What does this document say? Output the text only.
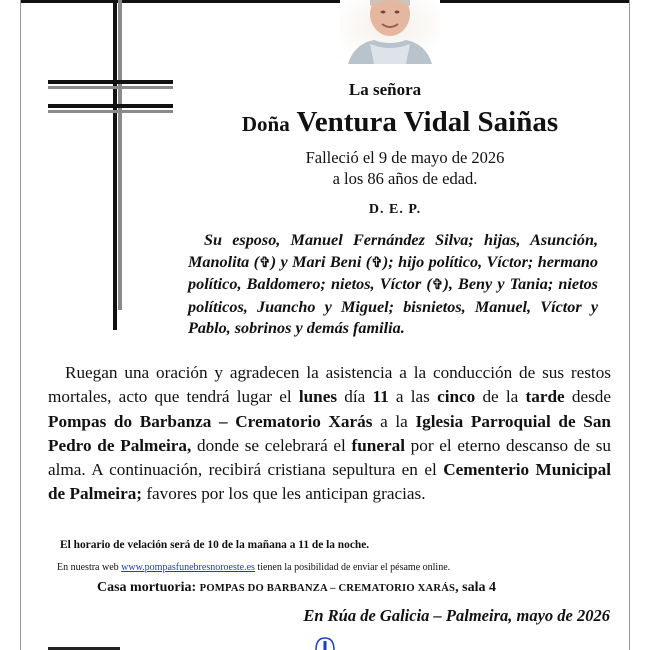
La señora
Doña Ventura Vidal Saiñas
Falleció el 9 de mayo de 2026
a los 86 años de edad.
D. E. P.

Su esposo, Manuel Fernández Silva; hijas, Asunción, Manolita (✞) y Mari Beni (✞); hijo político, Víctor; hermano político, Baldomero; nietos, Víctor (✞), Beny y Tania; nietos políticos, Juancho y Miguel; bisnietos, Manuel, Víctor y Pablo, sobrinos y demás familia.

Ruegan una oración y agradecen la asistencia a la conducción de sus restos mortales, acto que tendrá lugar el lunes día 11 a las cinco de la tarde desde Pompas do Barbanza – Crematorio Xarás a la Iglesia Parroquial de San Pedro de Palmeira, donde se celebrará el funeral por el eterno descanso de su alma. A continuación, recibirá cristiana sepultura en el Cementerio Municipal de Palmeira; favores por los que les anticipan gracias.

El horario de velación será de 10 de la mañana a 11 de la noche.
En nuestra web www.pompasfunebresnoroeste.es tienen la posibilidad de enviar el pésame online.
Casa mortuoria: POMPAS DO BARBANZA – CREMATORIO XARÁS, sala 4
En Rúa de Galicia – Palmeira, mayo de 2026
